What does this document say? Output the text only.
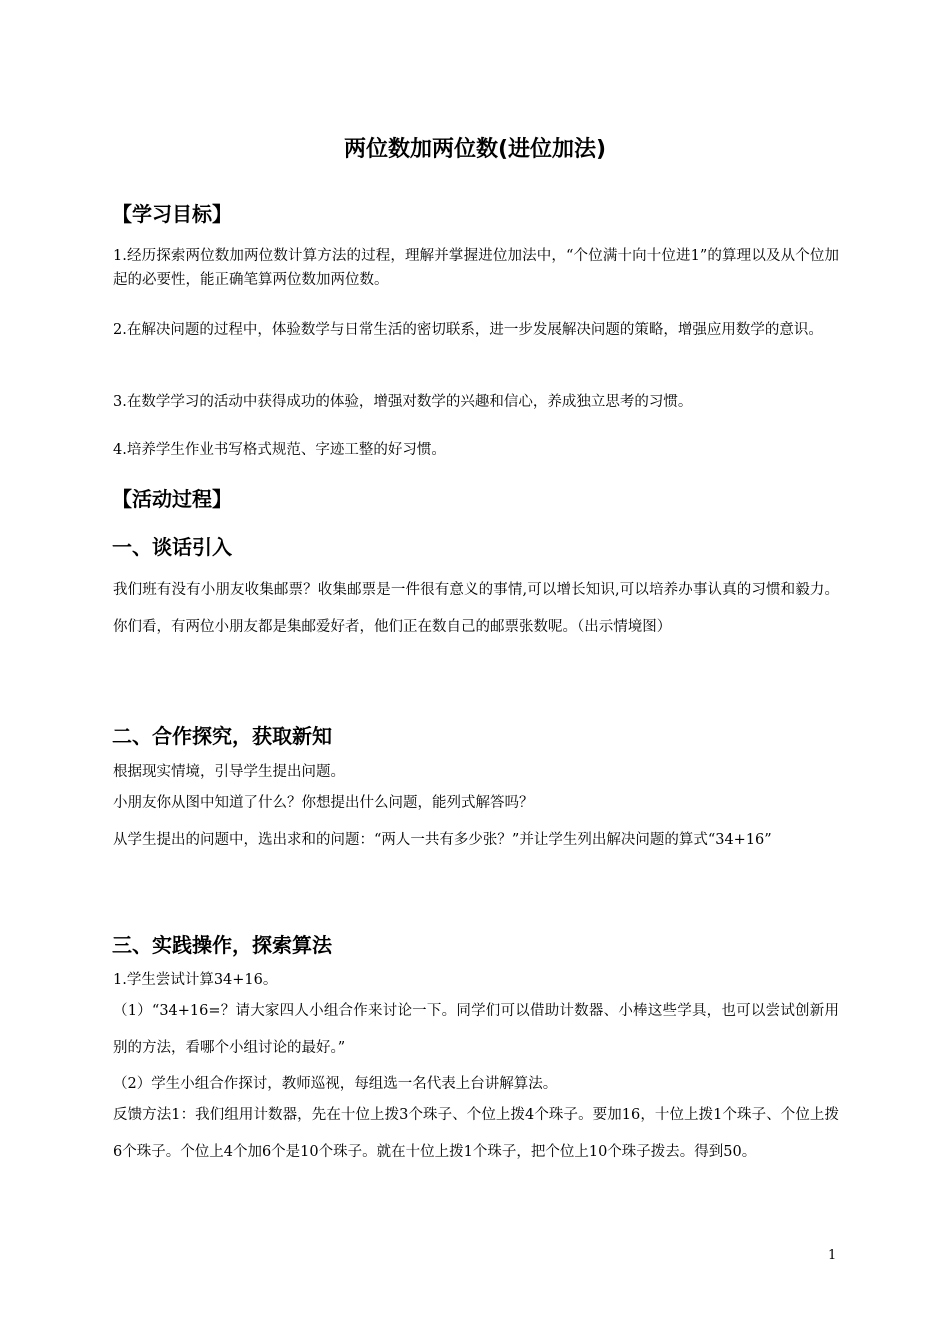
两位数加两位数(进位加法)
【学习目标】
1.经历探索两位数加两位数计算方法的过程，理解并掌握进位加法中，“个位满十向十位进1”的算理以及从个位加起的必要性，能正确笔算两位数加两位数。
2.在解决问题的过程中，体验数学与日常生活的密切联系，进一步发展解决问题的策略，增强应用数学的意识。
3.在数学学习的活动中获得成功的体验，增强对数学的兴趣和信心，养成独立思考的习惯。
4.培养学生作业书写格式规范、字迹工整的好习惯。
【活动过程】
一、谈话引入
我们班有没有小朋友收集邮票？收集邮票是一件很有意义的事情,可以增长知识,可以培养办事认真的习惯和毅力。你们看，有两位小朋友都是集邮爱好者，他们正在数自己的邮票张数呢。（出示情境图）
二、合作探究，获取新知
根据现实情境，引导学生提出问题。
小朋友你从图中知道了什么？你想提出什么问题，能列式解答吗？
从学生提出的问题中，选出求和的问题：“两人一共有多少张？”并让学生列出解决问题的算式“34+16”
三、实践操作，探索算法
1.学生尝试计算34+16。
（1）“34+16=？请大家四人小组合作来讨论一下。同学们可以借助计数器、小棒这些学具，也可以尝试创新用别的方法，看哪个小组讨论的最好。”
（2）学生小组合作探讨，教师巡视，每组选一名代表上台讲解算法。
反馈方法1：我们组用计数器，先在十位上拨3个珠子、个位上拨4个珠子。要加16，十位上拨1个珠子、个位上拨6个珠子。个位上4个加6个是10个珠子。就在十位上拨1个珠子，把个位上10个珠子拨去。得到50。
1
